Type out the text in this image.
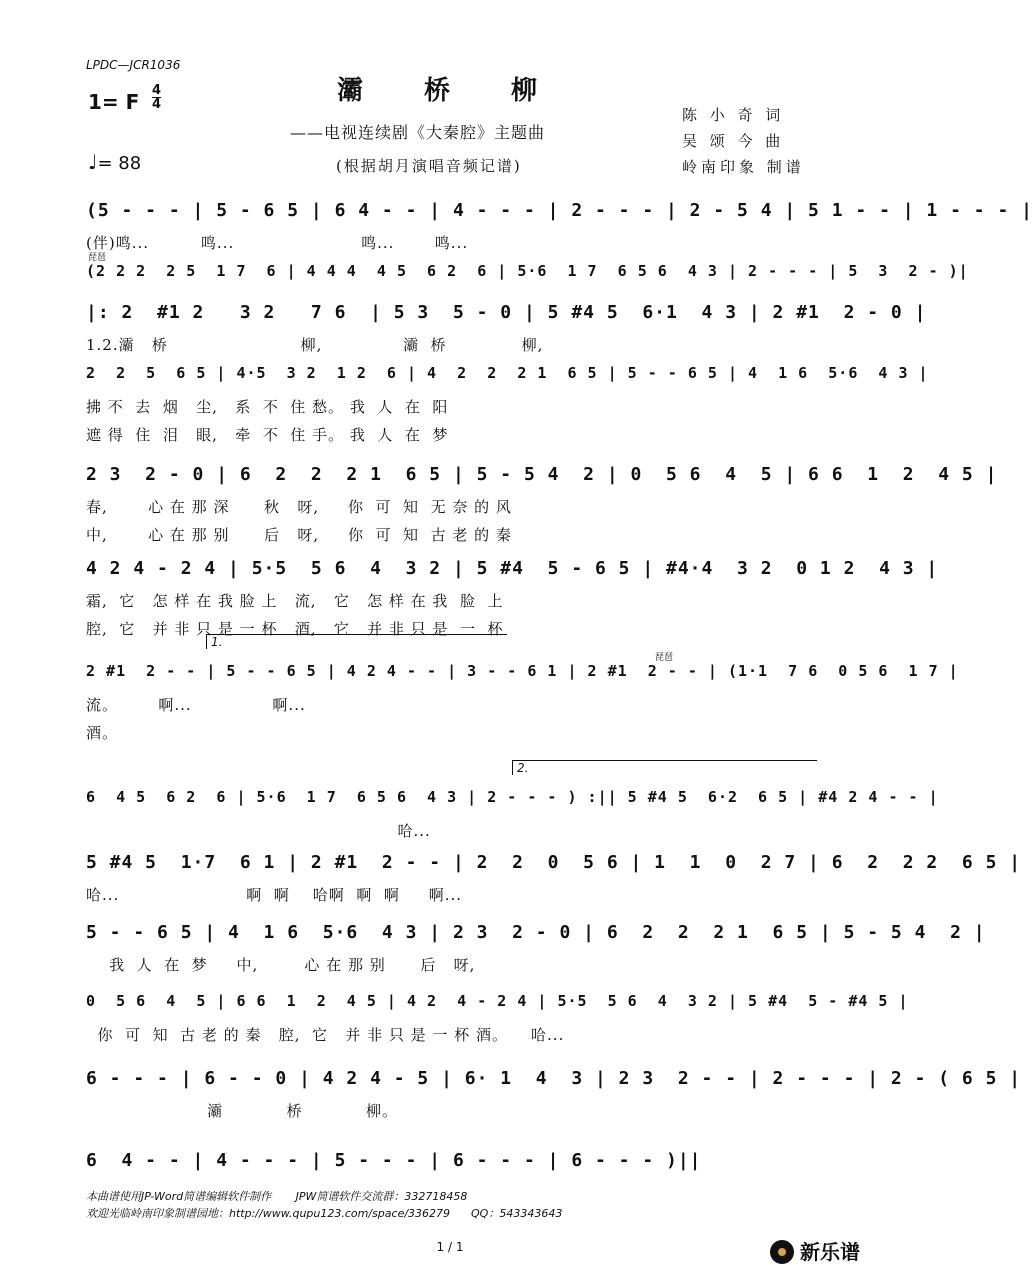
LPDC—JCR1036
灞 桥 柳
1= F 4
4
——电视连续剧《大秦腔》主题曲
(根据胡月演唱音频记谱)
陈 小 奇 词
吴 颂 今 曲
岭南印象 制谱
♩= 88
(5 - - - | 5 - 6 5 | 6 4 - - | 4 - - - | 2 - - - | 2 - 5 4 | 5 1 - - | 1 - - - |
(伴)鸣...         鸣...                      鸣...       鸣...
琵琶
(2 2 2  2 5  1 7  6 | 4 4 4  4 5  6 2  6 | 5·6  1 7  6 5 6  4 3 | 2 - - - | 5  3  2 - )|
|: 2  #1 2   3 2   7 6  | 5 3  5 - 0 | 5 #4 5  6·1  4 3 | 2 #1  2 - 0 |
1.2.灞   桥                       柳,              灞  桥             柳,
2  2  5  6 5 | 4·5  3 2  1 2  6 | 4  2  2  2 1  6 5 | 5 - - 6 5 | 4  1 6  5·6  4 3 |
拂 不  去  烟   尘,   系  不  住 愁。 我  人  在  阳
遮 得  住  泪   眼,   牵  不  住 手。 我  人  在  梦
2 3  2 - 0 | 6  2  2  2 1  6 5 | 5 - 5 4  2 | 0  5 6  4  5 | 6 6  1  2  4 5 |
春,       心 在 那 深      秋   呀,     你  可  知  无 奈 的 风
中,       心 在 那 别      后   呀,     你  可  知  古 老 的 秦
4 2 4 - 2 4 | 5·5  5 6  4  3 2 | 5 #4  5 - 6 5 | #4·4  3 2  0 1 2  4 3 |
霜,  它   怎 样 在 我 脸 上   流,   它   怎 样 在 我  脸  上
腔,  它   并 非 只 是 一 杯   酒,   它   并 非 只 是  一  杯
琵琶
1.
2 #1  2 - - | 5 - - 6 5 | 4 2 4 - - | 3 - - 6 1 | 2 #1  2 - - | (1·1  7 6  0 5 6  1 7 |
流。       啊...              啊...
酒。
2.
6  4 5  6 2  6 | 5·6  1 7  6 5 6  4 3 | 2 - - - ) :|| 5 #4 5  6·2  6 5 | #4 2 4 - - |
哈...
5 #4 5  1·7  6 1 | 2 #1  2 - - | 2  2  0  5 6 | 1  1  0  2 7 | 6  2  2 2  6 5 |
哈...                      啊  啊    哈啊  啊  啊     啊...
5 - - 6 5 | 4  1 6  5·6  4 3 | 2 3  2 - 0 | 6  2  2  2 1  6 5 | 5 - 5 4  2 |
我  人  在  梦     中,        心 在 那 别      后   呀,
0  5 6  4  5 | 6 6  1  2  4 5 | 4 2  4 - 2 4 | 5·5  5 6  4  3 2 | 5 #4  5 - #4 5 |
你  可  知  古 老 的 秦   腔,  它   并 非 只 是 一 杯 酒。    哈...
6 - - - | 6 - - 0 | 4 2 4 - 5 | 6· 1  4  3 | 2 3  2 - - | 2 - - - | 2 - ( 6 5 |
灞           桥           柳。
6  4 - - | 4 - - - | 5 - - - | 6 - - - | 6 - - - )||
本曲谱使用JP-Word简谱编辑软件制作       JPW简谱软件交流群：332718458
欢迎光临岭南印象制谱园地：http://www.qupu123.com/space/336279      QQ：543343643
1 / 1	新乐谱
